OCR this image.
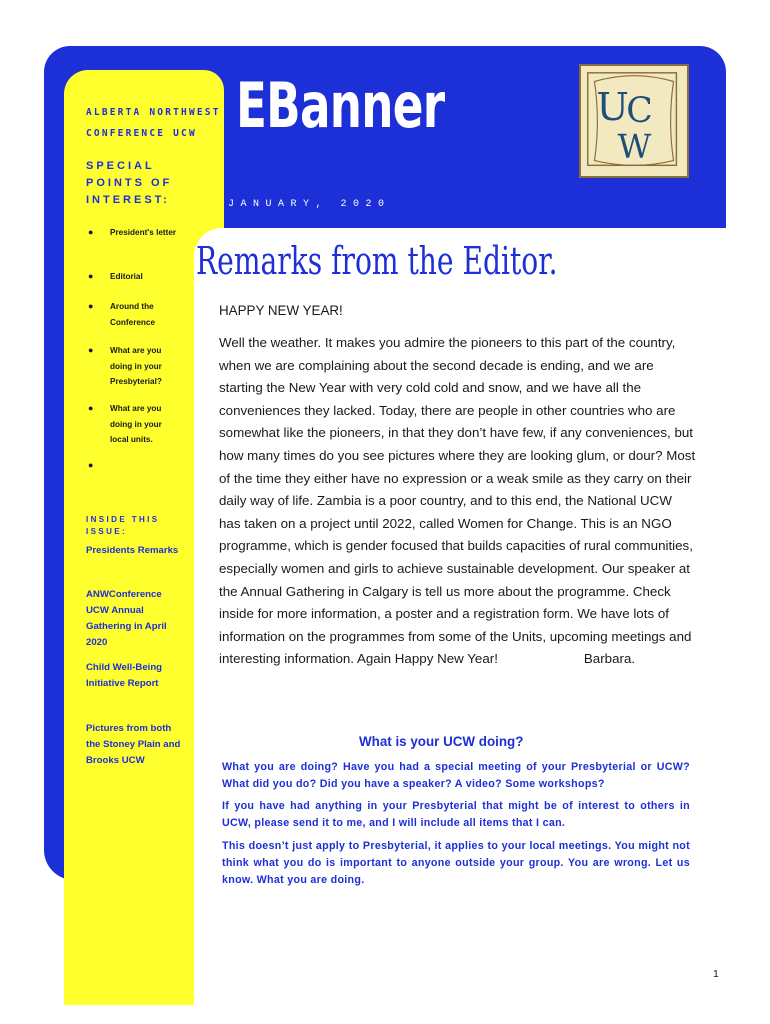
ALBERTA NORTHWEST CONFERENCE UCW EBanner	U
C
W
JANUARY, 2020

SPECIAL POINTS OF INTEREST:

● President's letter
● Editorial
● Around the Conference
● What are you doing in your Presbyterial?
● What are you doing in your local units.
●

INSIDE THIS ISSUE:

Presidents Remarks

ANWConference UCW Annual Gathering in April 2020

Child Well-Being Initiative Report

Pictures from both the Stoney Plain and Brooks UCW

Remarks from the Editor.

HAPPY NEW YEAR!

Well the weather. It makes you admire the pioneers to this part of the country, when we are complaining about the second decade is ending, and we are starting the New Year with very cold cold and snow, and we have all the conveniences they lacked. Today, there are people in other countries who are somewhat like the pioneers, in that they don’t have few, if any conveniences, but how many times do you see pictures where they are looking glum, or dour? Most of the time they either have no expression or a weak smile as they carry on their daily way of life. Zambia is a poor country, and to this end, the National UCW has taken on a project until 2022, called Women for Change. This is an NGO programme, which is gender focused that builds capacities of rural communities, especially women and girls to achieve sustainable development. Our speaker at the Annual Gathering in Calgary is tell us more about the programme. Check inside for more information, a poster and a registration form. We have lots of information on the programmes from some of the Units, upcoming meetings and interesting information. Again Happy New Year!	Barbara.

What is your UCW doing?

What you are doing? Have you had a special meeting of your Presbyterial or UCW? What did you do? Did you have a speaker? A video? Some workshops?

If you have had anything in your Presbyterial that might be of interest to others in UCW, please send it to me, and I will include all items that I can.

This doesn’t just apply to Presbyterial, it applies to your local meetings. You might not think what you do is important to anyone outside your group. You are wrong. Let us know. What you are doing.

1
